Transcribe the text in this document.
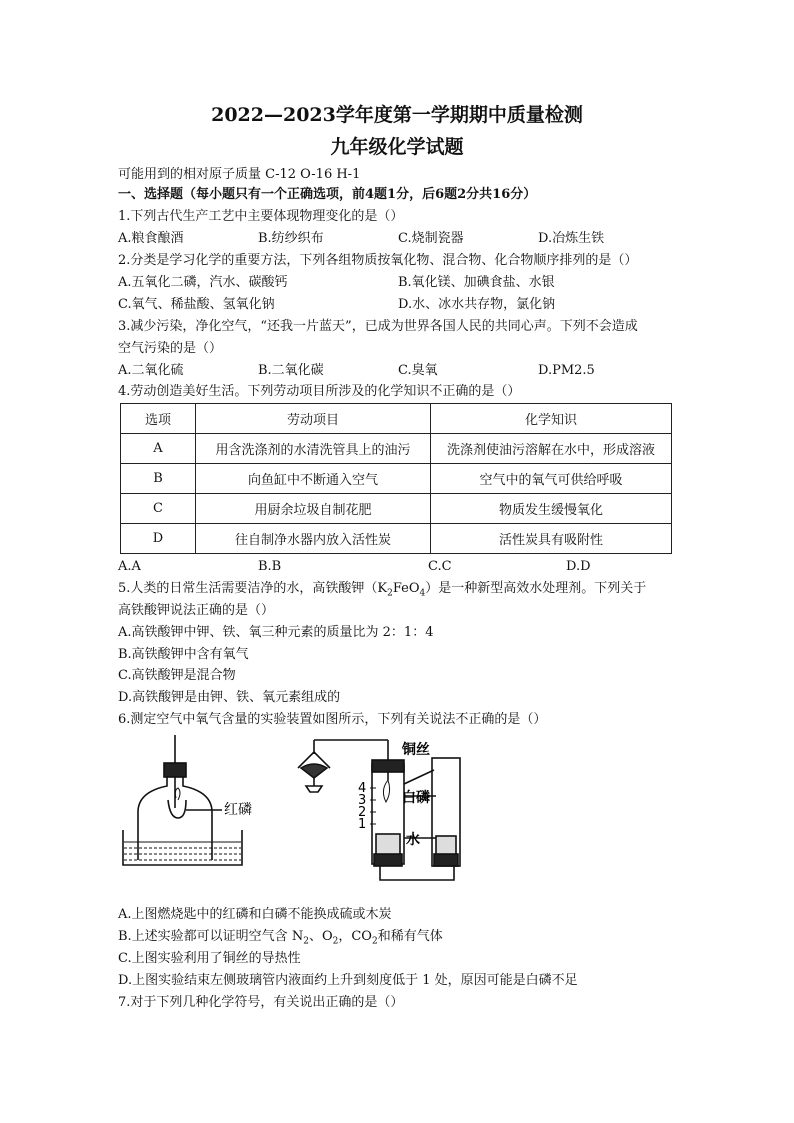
2022—2023学年度第一学期期中质量检测
九年级化学试题
可能用到的相对原子质量 C-12 O-16 H-1
一、选择题（每小题只有一个正确选项，前4题1分，后6题2分共16分）
1.下列古代生产工艺中主要体现物理变化的是（）
A.粮食酿酒	B.纺纱织布	C.烧制瓷器	D.冶炼生铁
2.分类是学习化学的重要方法，下列各组物质按氧化物、混合物、化合物顺序排列的是（）
A.五氧化二磷，汽水、碳酸钙	B.氧化镁、加碘食盐、水银
C.氧气、稀盐酸、氢氧化钠	D.水、冰水共存物，氯化钠
3.减少污染，净化空气，“还我一片蓝天”，已成为世界各国人民的共同心声。下列不会造成
空气污染的是（）
A.二氧化硫	B.二氧化碳	C.臭氧	D.PM2.5
4.劳动创造美好生活。下列劳动项目所涉及的化学知识不正确的是（）
选项	劳动项目	化学知识
A	用含洗涤剂的水清洗管具上的油污	洗涤剂使油污溶解在水中，形成溶液
B	向鱼缸中不断通入空气	空气中的氧气可供给呼吸
C	用厨余垃圾自制花肥	物质发生缓慢氧化
D	往自制净水器内放入活性炭	活性炭具有吸附性
A.A	B.B	C.C	D.D
5.人类的日常生活需要洁净的水，高铁酸钾$(K_2FeO_4)$是一种新型高效水处理剂。下列关于
高铁酸钾说法正确的是（）
A.高铁酸钾中钾、铁、氧三种元素的质量比为 2：1：4
B.高铁酸钾中含有氧气
C.高铁酸钾是混合物
D.高铁酸钾是由钾、铁、氧元素组成的
6.测定空气中氧气含量的实验装置如图所示，下列有关说法不正确的是（）
红磷
4
3
2
1
铜丝
白磷
水
A.上图燃烧匙中的红磷和白磷不能换成硫或木炭
B.上述实验都可以证明空气含 $N_2$、$O_2$，$CO_2$和稀有气体
C.上图实验利用了铜丝的导热性
D.上图实验结束左侧玻璃管内液面约上升到刻度低于 1 处，原因可能是白磷不足
7.对于下列几种化学符号，有关说出正确的是（）
